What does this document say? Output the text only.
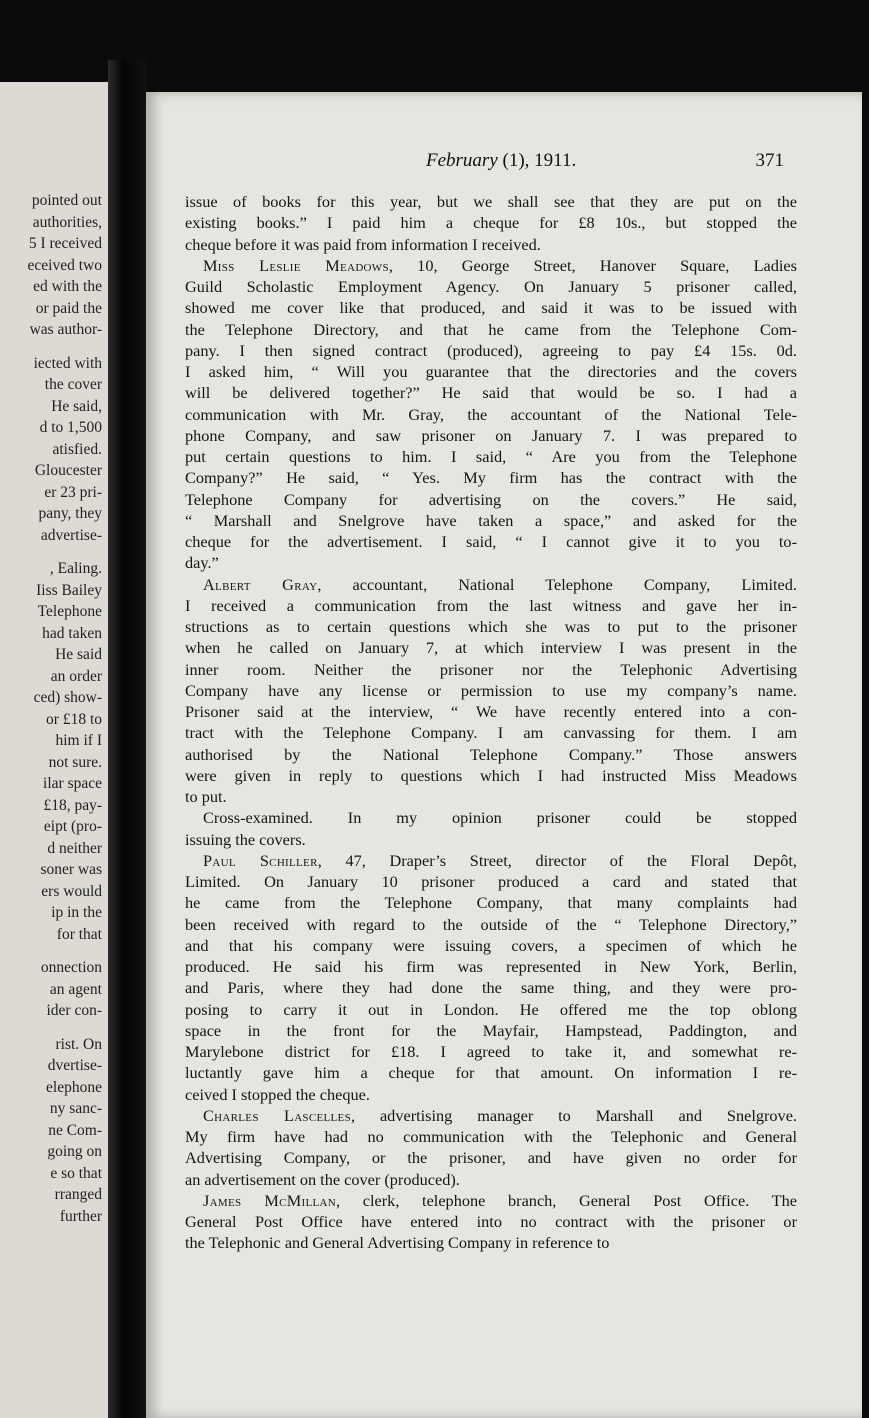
pointed out
authorities,
5 I received
eceived two
ed with the
or paid the
was author-
iected with
the cover
He said,
d to 1,500
atisfied.
Gloucester
er 23 pri-
pany, they
advertise-
, Ealing.
Iiss Bailey
Telephone
had taken
He said
an order
ced) show-
or £18 to
him if I
not sure.
ilar space
£18, pay-
eipt (pro-
d neither
soner was
ers would
ip in the
for that
onnection
an agent
ider con-
rist. On
dvertise-
elephone
ny sanc-
ne Com-
going on
e so that
rranged
further
February (1), 1911.	371

issue of books for this year, but we shall see that they are put on the
existing books.” I paid him a cheque for £8 10s., but stopped the
cheque before it was paid from information I received.

Miss Leslie Meadows, 10, George Street, Hanover Square, Ladies
Guild Scholastic Employment Agency. On January 5 prisoner called,
showed me cover like that produced, and said it was to be issued with
the Telephone Directory, and that he came from the Telephone Com-
pany. I then signed contract (produced), agreeing to pay £4 15s. 0d.
I asked him, “ Will you guarantee that the directories and the covers
will be delivered together?” He said that would be so. I had a
communication with Mr. Gray, the accountant of the National Tele-
phone Company, and saw prisoner on January 7. I was prepared to
put certain questions to him. I said, “ Are you from the Telephone
Company?” He said, “ Yes. My firm has the contract with the
Telephone Company for advertising on the covers.” He said,
“ Marshall and Snelgrove have taken a space,” and asked for the
cheque for the advertisement. I said, “ I cannot give it to you to-
day.”

Albert Gray, accountant, National Telephone Company, Limited.
I received a communication from the last witness and gave her in-
structions as to certain questions which she was to put to the prisoner
when he called on January 7, at which interview I was present in the
inner room. Neither the prisoner nor the Telephonic Advertising
Company have any license or permission to use my company’s name.
Prisoner said at the interview, “ We have recently entered into a con-
tract with the Telephone Company. I am canvassing for them. I am
authorised by the National Telephone Company.” Those answers
were given in reply to questions which I had instructed Miss Meadows
to put.

Cross-examined. In my opinion prisoner could be stopped
issuing the covers.

Paul Schiller, 47, Draper’s Street, director of the Floral Depôt,
Limited. On January 10 prisoner produced a card and stated that
he came from the Telephone Company, that many complaints had
been received with regard to the outside of the “ Telephone Directory,”
and that his company were issuing covers, a specimen of which he
produced. He said his firm was represented in New York, Berlin,
and Paris, where they had done the same thing, and they were pro-
posing to carry it out in London. He offered me the top oblong
space in the front for the Mayfair, Hampstead, Paddington, and
Marylebone district for £18. I agreed to take it, and somewhat re-
luctantly gave him a cheque for that amount. On information I re-
ceived I stopped the cheque.

Charles Lascelles, advertising manager to Marshall and Snelgrove.
My firm have had no communication with the Telephonic and General
Advertising Company, or the prisoner, and have given no order for
an advertisement on the cover (produced).

James McMillan, clerk, telephone branch, General Post Office. The
General Post Office have entered into no contract with the prisoner or
the Telephonic and General Advertising Company in reference to
